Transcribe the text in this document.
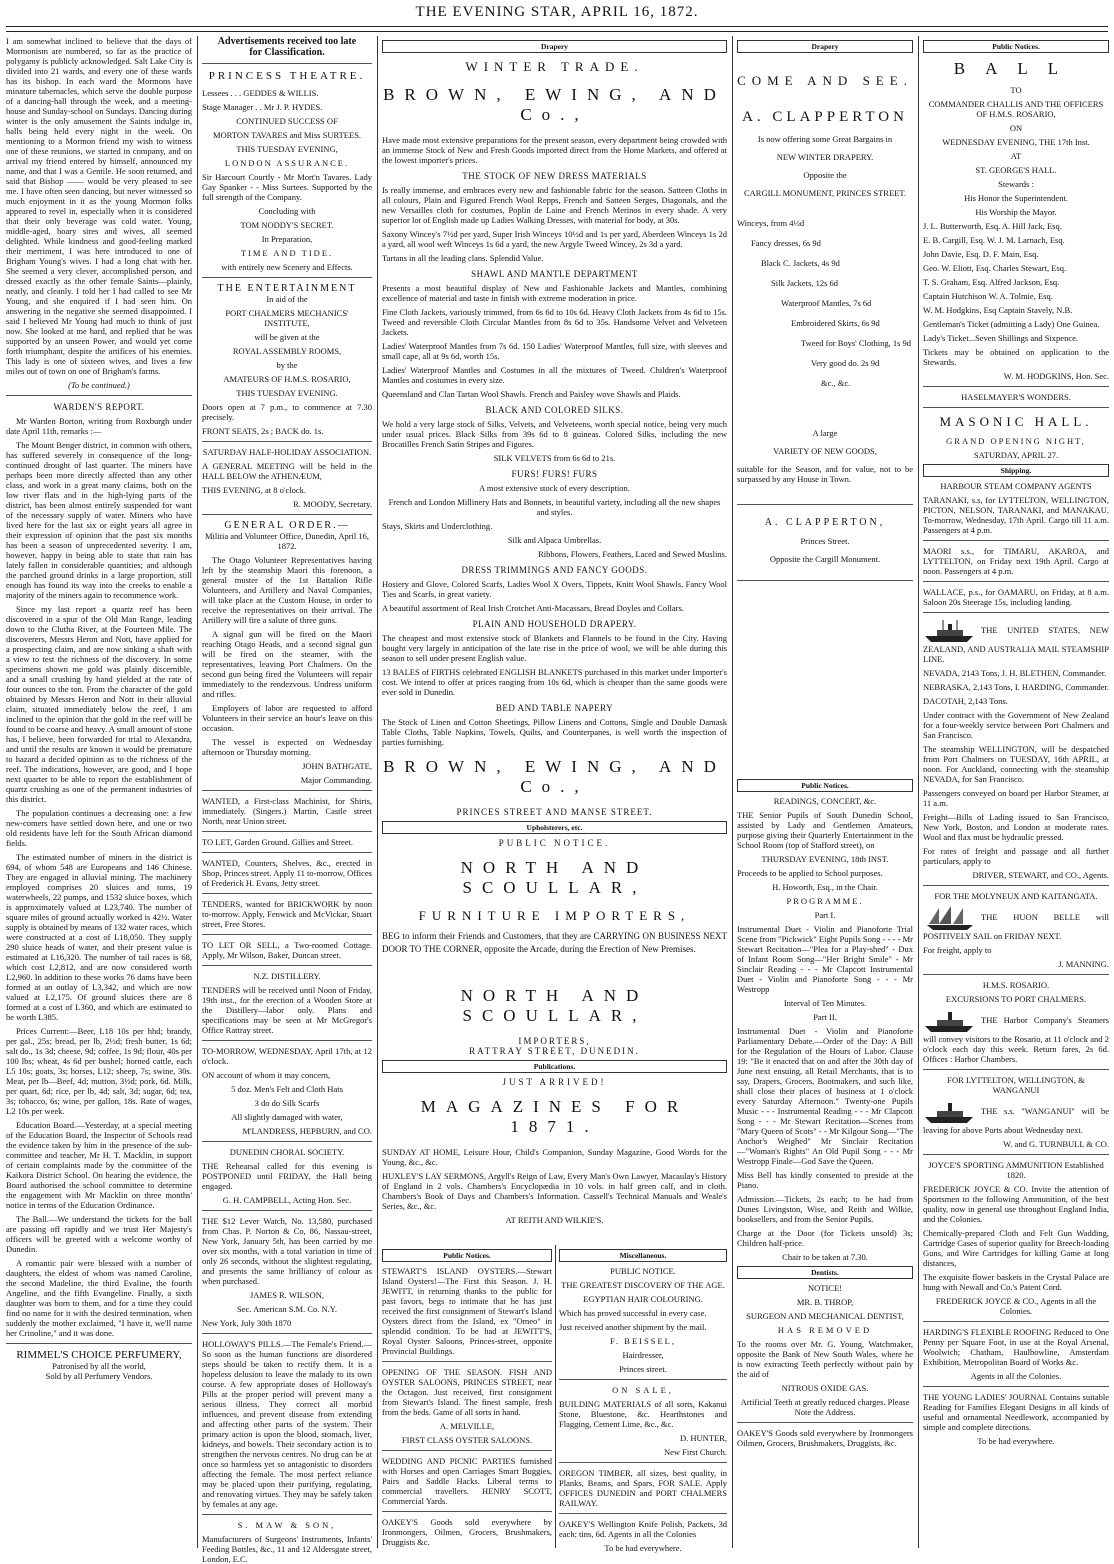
THE EVENING STAR, APRIL 16, 1872.

I am somewhat inclined to believe that the days of Mormonism are numbered, so far as the practice of polygamy is publicly acknowledged. Salt Lake City is divided into 21 wards, and every one of these wards has its bishop. In each ward the Mormons have minature tabernacles, which serve the double purpose of a dancing-hall through the week, and a meeting-house and Sunday-school on Sundays. Dancing during winter is the only amusement the Saints indulge in, balls being held every night in the week. On mentioning to a Mormon friend my wish to witness one of these reunions, we started in company, and on arrival my friend entered by himself, announced my name, and that I was a Gentile. He soon returned, and said that Bishop —— would be very pleased to see me. I have often seen dancing, but never witnessed so much enjoyment in it as the young Mormon folks appeared to revel in, especially when it is considered that their only beverage was cold water. Young, middle-aged, hoary sires and wives, all seemed delighted. While kindness and good-feeling marked their merriment, I was here introduced to one of Brigham Young's wives. I had a long chat with her. She seemed a very clever, accomplished person, and dressed exactly as the other female Saints—plainly, neatly, and cleanly. I told her I had called to see Mr Young, and she enquired if I had seen him. On answering in the negative she seemed disappointed. I said I believed Mr Young had much to think of just now. She looked at me hard, and replied that he was supported by an unseen Power, and would yet come forth triumphant, despite the artifices of his enemies. This lady is one of sixteen wives, and lives a few miles out of town on one of Brigham's farms.

(To be continued.)

WARDEN'S REPORT.

Mr Warden Borton, writing from Roxburgh under date April 11th, remarks :—

The Mount Benger district, in common with others, has suffered severely in consequence of the long-continued drought of last quarter. The miners have perhaps been more directly affected than any other class, and work in a great many claims, both on the low river flats and in the high-lying parts of the district, has been almost entirely suspended for want of the necessary supply of water. Miners who have lived here for the last six or eight years all agree in their expression of opinion that the past six months has been a season of unprecedented severity. I am, however, happy in being able to state that rain has lately fallen in considerable quantities; and although the parched ground drinks in a large proportion, still enough has found its way into the creeks to enable a majority of the miners again to recommence work.

Since my last report a quartz reef has been discovered in a spur of the Old Man Range, leading down to the Clutha River, at the Fourteen Mile. The discoverers, Messrs Heron and Nott, have applied for a prospecting claim, and are now sinking a shaft with a view to test the richness of the discovery. In some specimens shown me gold was plainly discernible, and a small crushing by hand yielded at the rate of four ounces to the ton. From the character of the gold obtained by Messrs Heron and Nott in their alluvial claim, situated immediately below the reef, I am inclined to the opinion that the gold in the reef will be found to be coarse and heavy. A small amount of stone has, I believe, been forwarded for trial to Alexandra, and until the results are known it would be premature to hazard a decided opinion as to the richness of the reef. The indications, however, are good, and I hope next quarter to be able to report the establishment of quartz crushing as one of the permanent industries of this district.

The population continues a decreasing one: a few new-comers have settled down here, and one or two old residents have left for the South African diamond fields.

The estimated number of miners in the district is 694, of whom 548 are Europeans and 146 Chinese. They are engaged in alluvial mining. The machinery employed comprises 20 sluices and toms, 19 waterwheels, 22 pumps, and 1532 sluice boxes, which is approximately valued at L23,740. The number of square miles of ground actually worked is 42½. Water supply is obtained by means of 132 water races, which were constructed at a cost of L18,050. They supply 290 sluice heads of water, and their present value is estimated at L16,320. The number of tail races is 68, which cost L2,812, and are now considered worth L2,960. In addition to these works 76 dams have been formed at an outlay of L3,342, and which are now valued at L2,175. Of ground sluices there are 8 formed at a cost of L360, and which are estimated to be worth L385.

Prices Current:—Beer, L18 10s per hhd; brandy, per gal., 25s; bread, per lb, 2½d; fresh butter, 1s 6d; salt do., 1s 3d; cheese, 9d; coffee, 1s 9d; flour, 40s per 100 lbs; wheat, 4s 6d per bushel; horned cattle, each L5 10s; goats, 3s; horses, L12; sheep, 7s; swine, 30s. Meat, per lb—Beef, 4d; mutton, 3½d; pork, 6d. Milk, per quart, 6d; rice, per lb, 4d; salt, 3d; sugar, 6d; tea, 3s; tobacco, 6s; wine, per gallon, 18s. Rate of wages, L2 10s per week.

Education Board.—Yesterday, at a special meeting of the Education Board, the Inspector of Schools read the evidence taken by him in the presence of the sub-committee and teacher, Mr H. T. Macklin, in support of certain complaints made by the committee of the Kaikora District School. On hearing the evidence, the Board authorised the school committee to determine the engagement with Mr Macklin on three months' notice in terms of the Education Ordinance.

The Ball.—We understand the tickets for the ball are passing off rapidly and we trust Her Majesty's officers will be greeted with a welcome worthy of Dunedin.

A romantic pair were blessed with a number of daughters, the eldest of whom was named Caroline, the second Madeline, the third Evaline, the fourth Angeline, and the fifth Evangeline. Finally, a sixth daughter was born to them, and for a time they could find no name for it with the desired termination, when suddenly the mother exclaimed, "I have it, we'll name her Crinoline," and it was done.

RIMMEL'S CHOICE PERFUMERY,
Patronised by all the world,
Sold by all Perfumery Vendors.
Advertisements received too late
for Classification.
PRINCESS THEATRE.

Lessees . . . GEDDES & WILLIS.

Stage Manager . . Mr J. P. HYDES.

CONTINUED SUCCESS OF

MORTON TAVARES and Miss SURTEES.

THIS TUESDAY EVENING,

LONDON ASSURANCE.

Sir Harcourt Courtly - Mr Mort'n Tavares. Lady Gay Spanker - - Miss Surtees. Supported by the full strength of the Company.

Concluding with

TOM NODDY'S SECRET.

In Preparation,

TIME AND TIDE.

with entirely new Scenery and Effects.

THE ENTERTAINMENT

In aid of the

PORT CHALMERS MECHANICS' INSTITUTE,

will be given at the

ROYAL ASSEMBLY ROOMS,

by the

AMATEURS OF H.M.S. ROSARIO,

THIS TUESDAY EVENING.

Doors open at 7 p.m., to commence at 7.30 precisely.

FRONT SEATS, 2s ; BACK do. 1s.

SATURDAY HALF-HOLIDAY ASSOCIATION.

A GENERAL MEETING will be held in the HALL BELOW the ATHENÆUM,

THIS EVENING, at 8 o'clock.

R. MOODY, Secretary.

GENERAL ORDER.—

Militia and Volunteer Office, Dunedin, April 16, 1872.

The Otago Volunteer Representatives having left by the steamship Maori this forenoon, a general muster of the 1st Battalion Rifle Volunteers, and Artillery and Naval Companies, will take place at the Custom House, in order to receive the representatives on their arrival. The Artillery will fire a salute of three guns.

A signal gun will be fired on the Maori reaching Otago Heads, and a second signal gun will be fired on the steamer, with the representatives, leaving Port Chalmers. On the second gun being fired the Volunteers will repair immediately to the rendezvous. Undress uniform and rifles.

Employers of labor are requested to afford Volunteers in their service an hour's leave on this occasion.

The vessel is expected on Wednesday afternoon or Thursday morning.

JOHN BATHGATE,

Major Commanding.

WANTED, a First-class Machinist, for Shirts, immediately. (Singers.) Martin, Castle street North, near Union street.

TO LET, Garden Ground. Gillies and Street.

WANTED, Counters, Shelves, &c., erected in Shop, Princes street. Apply 11 to-morrow, Offices of Frederick H. Evans, Jetty street.

TENDERS, wanted for BRICKWORK by noon to-morrow. Apply, Fenwick and McVickar, Stuart street, Free Stores.

TO LET OR SELL, a Two-roomed Cottage. Apply, Mr Wilson, Baker, Duncan street.

N.Z. DISTILLERY.

TENDERS will be received until Noon of Friday, 19th inst., for the erection of a Wooden Store at the Distillery—labor only. Plans and specifications may be seen at Mr McGregor's Office Rattray street.

TO-MORROW, WEDNESDAY, April 17th, at 12 o'clock.

ON account of whom it may concern,

5 doz. Men's Felt and Cloth Hats

3 do do Silk Scarfs

All slightly damaged with water,

M'LANDRESS, HEPBURN, and CO.

DUNEDIN CHORAL SOCIETY.

THE Rehearsal called for this evening is POSTPONED until FRIDAY, the Hall being engaged.

G. H. CAMPBELL, Acting Hon. Sec.

THE $12 Lever Watch, No. 13,580, purchased from Chas. P. Norton & Co, 86, Nassau-street, New York, January 5th, has been carried by me over six months, with a total variation in time of only 26 seconds, without the slightest regulating, and presents the same brilliancy of colour as when purchased.

JAMES R. WILSON,

Sec. American S.M. Co. N.Y.

New York, July 30th 1870

HOLLOWAY'S PILLS.—The Female's Friend.—So soon as the human functions are disordered steps should be taken to rectify them. It is a hopeless delusion to leave the malady to its own course. A few appropriate doses of Holloway's Pills at the proper period will prevent many a serious illness. They correct all morbid influences, and prevent disease from extending and affecting other parts of the system. Their primary action is upon the blood, stomach, liver, kidneys, and bowels. Their secondary action is to strengthen the nervous centres. No drug can be at once so harmless yet so antagonistic to disorders affecting the female. The most perfect reliance may be placed upon their purifying, regulating, and renovating virtues. They may be safely taken by females at any age.

S. MAW & SON,

Manufacturers of Surgeons' Instruments, Infants' Feeding Bottles, &c., 11 and 12 Aldersgate street, London, E.C.

Drapery
WINTER TRADE.
BROWN, EWING, AND Co.,

Have made most extensive preparations for the present season, every department being crowded with an immense Stock of New and Fresh Goods imported direct from the Home Markets, and offered at the lowest importer's prices.

THE STOCK OF NEW DRESS MATERIALS

Is really immense, and embraces every new and fashionable fabric for the season. Satteen Cloths in all colours, Plain and Figured French Wool Repps, French and Satteen Serges, Diagonals, and the new Versailles cloth for costumes, Poplin de Laine and French Merinos in every shade. A very superior lot of English made up Ladies Walking Dresses, with material for body, at 30s.

Saxony Wincey's 7½d per yard, Super Irish Winceys 10½d and 1s per yard, Aberdeen Winceys 1s 2d a yard, all wool weft Winceys 1s 6d a yard, the new Argyle Tweed Wincey, 2s 3d a yard.

Tartans in all the leading clans. Splendid Value.

SHAWL AND MANTLE DEPARTMENT

Presents a most beautiful display of New and Fashionable Jackets and Mantles, combining excellence of material and taste in finish with extreme moderation in price.

Fine Cloth Jackets, variously trimmed, from 6s 6d to 10s 6d. Heavy Cloth Jackets from 4s 6d to 15s. Tweed and reversible Cloth Circular Mantles from 8s 6d to 35s. Handsome Velvet and Velveteen Jackets.

Ladies' Waterproof Mantles from 7s 6d. 150 Ladies' Waterproof Mantles, full size, with sleeves and small cape, all at 9s 6d, worth 15s.

Ladies' Waterproof Mantles and Costumes in all the mixtures of Tweed. Children's Waterproof Mantles and costumes in every size.

Queensland and Clan Tartan Wool Shawls. French and Paisley wove Shawls and Plaids.

BLACK AND COLORED SILKS.

We hold a very large stock of Silks, Velvets, and Velveteens, worth special notice, being very much under usual prices. Black Silks from 39s 6d to 8 guineas. Colored Silks, including the new Brocatilles French Satin Stripes and Figures.

SILK VELVETS from 6s 6d to 21s.

FURS! FURS! FURS

A most extensive stock of every description.

French and London Millinery Hats and Bonnets, in beautiful variety, including all the new shapes and styles.

Stays, Skirts and Underclothing.

Silk and Alpaca Umbrellas.

Ribbons, Flowers, Feathers, Laced and Sewed Muslins.

DRESS TRIMMINGS AND FANCY GOODS.

Hosiery and Glove, Colored Scarfs, Ladies Wool X Overs, Tippets, Knitt Wool Shawls, Fancy Wool Ties and Scarfs, in great variety.

A beautiful assortment of Real Irish Crotchet Anti-Macassars, Bread Doyles and Collars.

PLAIN AND HOUSEHOLD DRAPERY.

The cheapest and most extensive stock of Blankets and Flannels to be found in the City. Having bought very largely in anticipation of the late rise in the price of wool, we will be able during this season to sell under present English value.

13 BALES of FIRTHS celebrated ENGLISH BLANKETS purchased in this market under Importer's cost. We intend to offer at prices ranging from 10s 6d, which is cheaper than the same goods were ever sold in Dunedin.

BED AND TABLE NAPERY

The Stock of Linen and Cotton Sheetings, Pillow Linens and Cottons, Single and Double Damask Table Cloths, Table Napkins, Towels, Quilts, and Counterpanes, is well worth the inspection of parties furnishing.

BROWN, EWING, AND Co.,
PRINCES STREET AND MANSE STREET.
Upholsterers, etc.
PUBLIC NOTICE.
NORTH AND SCOULLAR,
FURNITURE IMPORTERS,

BEG to inform their Friends and Customers, that they are CARRYING ON BUSINESS NEXT DOOR TO THE CORNER, opposite the Arcade, during the Erection of New Premises.

NORTH AND SCOULLAR,
IMPORTERS,
RATTRAY STREET, DUNEDIN.
Publications.
JUST ARRIVED!
MAGAZINES FOR 1871.

SUNDAY AT HOME, Leisure Hour, Child's Companion, Sunday Magazine, Good Words for the Young, &c., &c.

HUXLEY'S LAY SERMONS, Argyll's Reign of Law, Every Man's Own Lawyer, Macaulay's History of England in 2 vols. Chambers's Encyclopædia in 10 vols. in half green calf, and in cloth. Chambers's Book of Days and Chambers's Information. Cassell's Technical Manuals and Weale's Series, &c., &c.

AT REITH AND WILKIE'S.

Public Notices.

STEWART'S ISLAND OYSTERS.—Stewart Island Oysters!—The First this Season. J. H. JEWITT, in returning thanks to the public for past favors, begs to intimate that he has just received the first consignment of Stewart's Island Oysters direct from the Island, ex "Omeo" in splendid condition. To be had at JEWITT'S, Royal Oyster Saloons, Princes-street, opposite Provincial Buildings.

OPENING OF THE SEASON. FISH AND OYSTER SALOONS, PRINCES STREET, near the Octagon. Just received, first consignment from Stewart's Island. The finest sample, fresh from the beds. Game of all sorts in hand.

A. MELVILLE,

FIRST CLASS OYSTER SALOONS.

WEDDING AND PICNIC PARTIES furnished with Horses and open Carriages Smart Buggies, Pairs and Saddle Hacks. Liberal terms to commercial travellers. HENRY SCOTT, Commercial Yards.

OAKEY'S Goods sold everywhere by Ironmongers, Oilmen, Grocers, Brushmakers, Druggists &c.

Miscellaneous.

PUBLIC NOTICE.

THE GREATEST DISCOVERY OF THE AGE.

EGYPTIAN HAIR COLOURING.

Which has proved successful in every case.

Just received another shipment by the mail.

F. BEISSEL,

Hairdresser,

Princes street.

ON SALE,

BUILDING MATERIALS of all sorts, Kakanui Stone, Bluestone, &c. Hearthstones and Flagging, Cement Lime, &c., &c.

D. HUNTER,

New First Church.

OREGON TIMBER, all sizes, best quality, in Planks, Beams, and Spars, FOR SALE. Apply OFFICES DUNEDIN and PORT CHALMERS RAILWAY.

OAKEY'S Wellington Knife Polish, Packets, 3d each; tins, 6d. Agents in all the Colonies

To be had everywhere.

Drapery
COME AND SEE.
A. CLAPPERTON

Is now offering some Great Bargains in

NEW WINTER DRAPERY.

Opposite the

CARGILL MONUMENT, PRINCES STREET.

Winceys, from 4½d

Fancy dresses, 6s 9d

Black C. Jackets, 4s 9d

Silk Jackets, 12s 6d

Waterproof Mantles, 7s 6d

Embroidered Skirts, 6s 9d

Tweed for Boys' Clothing, 1s 9d

Very good do. 2s 9d

&c., &c.

A large

VARIETY OF NEW GOODS,

suitable for the Season, and for value, not to be surpassed by any House in Town.

A. CLAPPERTON,

Princes Street.

Opposite the Cargill Monument.

Public Notices.

READINGS, CONCERT, &c.

THE Senior Pupils of South Dunedin School, assisted by Lady and Gentlemen Amateurs, purpose giving their Quarterly Entertainment in the School Room (top of Stafford street), on

THURSDAY EVENING, 18th INST.

Proceeds to be applied to School purposes.

H. Howorth, Esq., in the Chair.

PROGRAMME.

Part I.

Instrumental Duet - Violin and Pianoforte Trial Scene from "Pickwick" Eight Pupils Song - - - - Mr Stewart Recitation—"Plea for a Play-shed" - Dux of Infant Room Song—"Her Bright Smile" - Mr Sinclair Reading - - - Mr Clapcott Instrumental Duet - Violin and Pianoforte Song - - - Mr Westropp

Interval of Ten Minutes.

Part II.

Instrumental Duet - Violin and Pianoforte Parliamentary Debate.—Order of the Day: A Bill for the Regulation of the Hours of Labor. Clause 19: "Be it enacted that on and after the 30th day of June next ensuing, all Retail Merchants, that is to say, Drapers, Grocers, Bootmakers, and such like, shall close their places of business at 1 o'clock every Saturday Afternoon." Twenty-one Pupils Music - - - Instrumental Reading - - - Mr Clapcott Song - - - Mr Stewart Recitation—Scenes from "Mary Queen of Scots" - - Mr Kilgour Song—"The Anchor's Weighed" Mr Sinclair Recitation—"Woman's Rights" An Old Pupil Song - - - Mr Westropp Finale—God Save the Queen.

Miss Bell has kindly consented to preside at the Piano.

Admission.—Tickets, 2s each; to be had from Dunes Livingston, Wise, and Reith and Wilkie, booksellers, and from the Senior Pupils.

Charge at the Door (for Tickets unsold) 3s; Children half-price.

Chair to be taken at 7.30.

Dentists.

NOTICE!

MR. B. THROP,

SURGEON AND MECHANICAL DENTIST,

HAS REMOVED

To the rooms over Mr. G. Young, Watchmaker, opposite the Bank of New South Wales, where he is now extracting Teeth perfectly without pain by the aid of

NITROUS OXIDE GAS.

Artificial Teeth at greatly reduced charges. Please Note the Address.

OAKEY'S Goods sold everywhere by Ironmongers Oilmen, Grocers, Brushmakers, Druggists, &c.

Public Notices.
BALL

TO

COMMANDER CHALLIS AND THE OFFICERS OF H.M.S. ROSARIO,

ON

WEDNESDAY EVENING, THE 17th Inst.

AT

ST. GEORGE'S HALL.

Stewards :

His Honor the Superintendent.

His Worship the Mayor.

J. L. Butterworth, Esq. A. Hill Jack, Esq.

E. B. Cargill, Esq. W. J. M. Larnach, Esq.

John Davie, Esq. D. F. Main, Esq.

Geo. W. Eliott, Esq. Charles Stewart, Esq.

T. S. Graham, Esq. Alfred Jackson, Esq.

Captain Hutchison W. A. Tolmie, Esq.

W. M. Hodgkins, Esq Captain Stavely, N.B.

Gentleman's Ticket (admitting a Lady) One Guinea.

Lady's Ticket...Seven Shillings and Sixpence.

Tickets may be obtained on application to the Stewards.

W. M. HODGKINS, Hon. Sec.

HASELMAYER'S WONDERS.

MASONIC HALL.

GRAND OPENING NIGHT,

SATURDAY, APRIL 27.

Shipping.

HARBOUR STEAM COMPANY AGENTS

TARANAKI, s.s, for LYTTELTON, WELLINGTON, PICTON, NELSON, TARANAKI, and MANAKAU. To-morrow, Wednesday, 17th April. Cargo till 11 a.m. Passengers at 4 p.m.

MAORI s.s., for TIMARU, AKAROA, and LYTTELTON, on Friday next 19th April. Cargo at noon. Passengers at 4 p.m.

WALLACE, p.s., for OAMARU, on Friday, at 8 a.m. Saloon 20s Steerage 15s, including landing.

THE UNITED STATES, NEW ZEALAND, AND AUSTRALIA MAIL STEAMSHIP LINE.

NEVADA, 2143 Tons, J. H. BLETHEN, Commander.

NEBRASKA, 2,143 Tons, I. HARDING, Commander.

DACOTAH, 2,143 Tons.

Under contract with the Government of New Zealand for a four-weekly service between Port Chalmers and San Francisco.

The steamship WELLINGTON, will be despatched from Port Chalmers on TUESDAY, 16th APRIL, at noon. For Auckland, connecting with the steamship NEVADA, for San Francisco.

Passengers conveyed on board per Harbor Steamer, at 11 a.m.

Freight—Bills of Lading issued to San Francisco, New York, Boston, and London at moderate rates. Wool and flax must be hydraulic pressed.

For rates of freight and passage and all further particulars, apply to

DRIVER, STEWART, and CO., Agents.

FOR THE MOLYNEUX AND KAITANGATA.

THE HUON BELLE will POSITIVELY SAIL on FRIDAY NEXT.

For freight, apply to

J. MANNING.

H.M.S. ROSARIO.

EXCURSIONS TO PORT CHALMERS.

THE Harbor Company's Steamers will convey visitors to the Rosario, at 11 o'clock and 2 o'clock each day this week. Return fares, 2s 6d. Offices : Harbor Chambers.

FOR LYTTELTON, WELLINGTON, & WANGANUI

THE s.s. "WANGANUI" will be leaving for above Ports about Wednesday next.

W. and G. TURNBULL & CO.

JOYCE'S SPORTING AMMUNITION Established 1820.

FREDERICK JOYCE & CO. Invite the attention of Sportsmen to the following Ammunition, of the best quality, now in general use throughout England India, and the Colonies.

Chemically-prepared Cloth and Felt Gun Wadding, Cartridge Cases of superior quality for Breech-loading Guns, and Wire Cartridges for killing Game at long distances,

The exquisite flower baskets in the Crystal Palace are hung with Newall and Co.'s Patent Cord.

FREDERICK JOYCE & CO., Agents in all the Colonies.

HARDING'S FLEXIBLE ROOFING Reduced to One Penny per Square Foot, in use at the Royal Arsenal, Woolwich; Chatham, Haulbowline, Amsterdam Exhibition, Metropolitan Board of Works &c.

Agents in all the Colonies.

THE YOUNG LADIES' JOURNAL Contains suitable Reading for Families Elegant Designs in all kinds of useful and ornamental Needlework, accompanied by simple and complete directions.

To be had everywhere.
